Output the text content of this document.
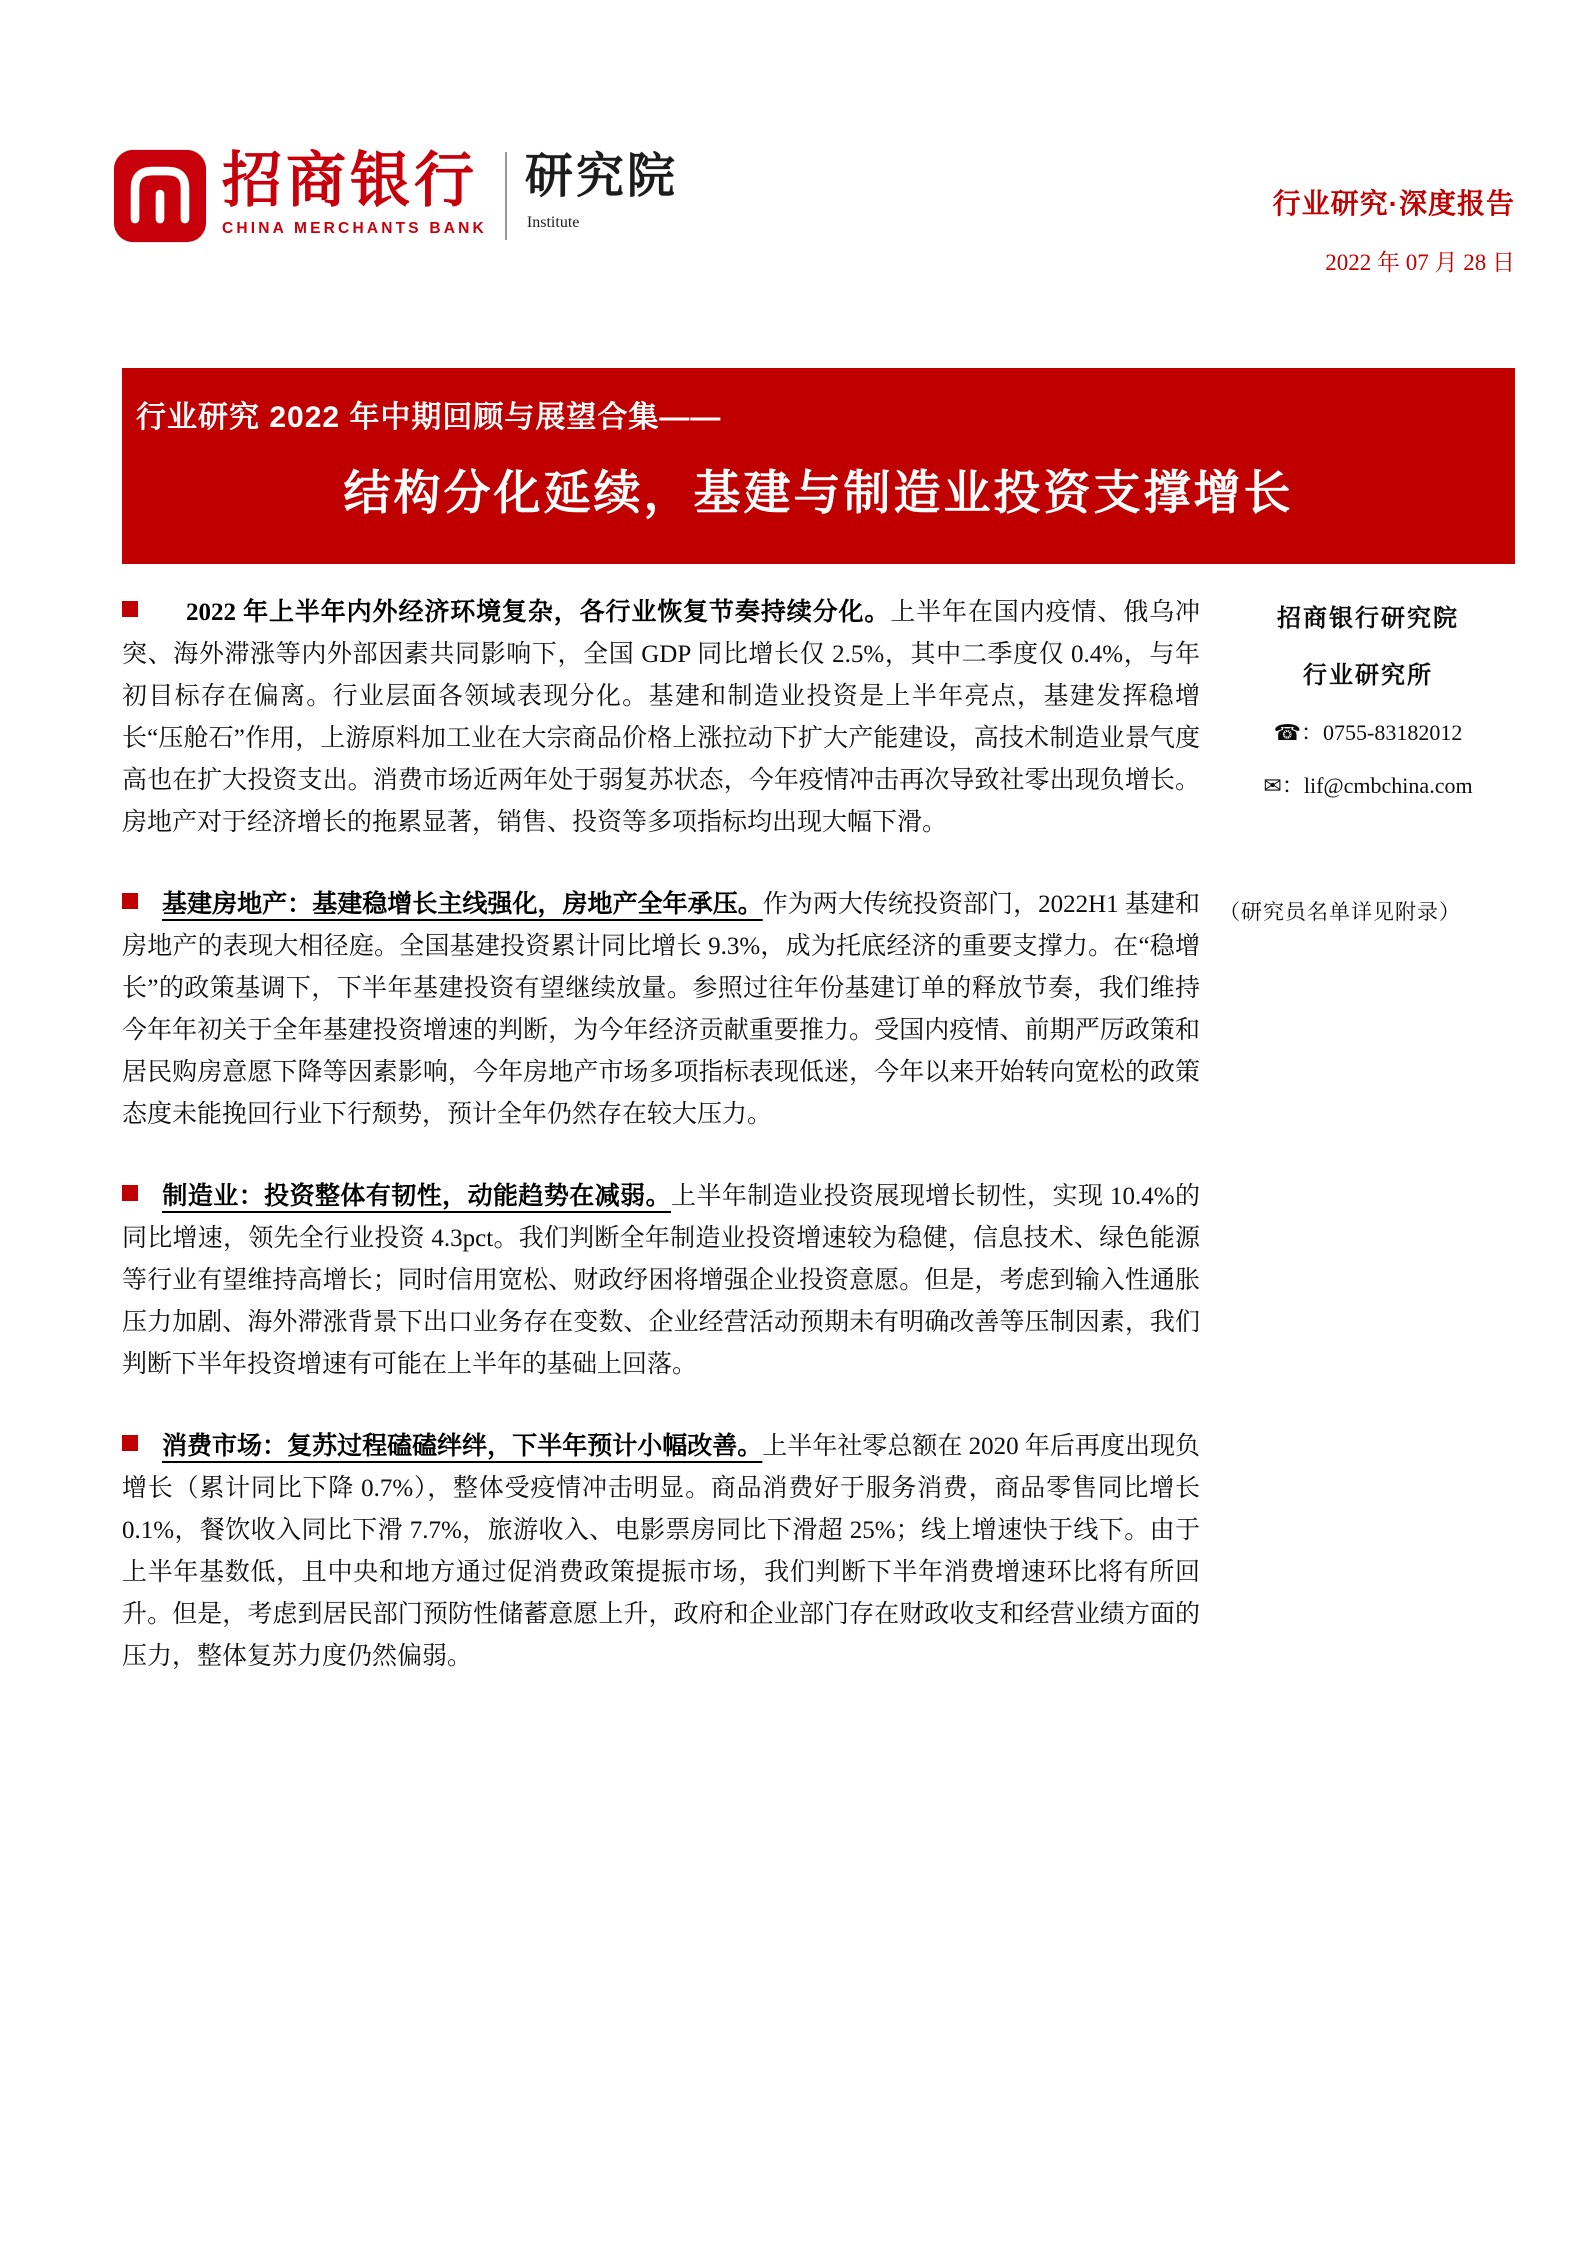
招商银行
CHINA MERCHANTS BANK
研究院
Institute
行业研究·深度报告
2022 年 07 月 28 日
行业研究 2022 年中期回顾与展望合集——
结构分化延续，基建与制造业投资支撑增长

2022 年上半年内外经济环境复杂，各行业恢复节奏持续分化。上半年在国内疫情、俄乌冲突、海外滞涨等内外部因素共同影响下，全国 GDP 同比增长仅 2.5%，其中二季度仅 0.4%，与年初目标存在偏离。行业层面各领域表现分化。基建和制造业投资是上半年亮点，基建发挥稳增长“压舱石”作用，上游原料加工业在大宗商品价格上涨拉动下扩大产能建设，高技术制造业景气度高也在扩大投资支出。消费市场近两年处于弱复苏状态，今年疫情冲击再次导致社零出现负增长。房地产对于经济增长的拖累显著，销售、投资等多项指标均出现大幅下滑。

基建房地产：基建稳增长主线强化，房地产全年承压。作为两大传统投资部门，2022H1 基建和房地产的表现大相径庭。全国基建投资累计同比增长 9.3%，成为托底经济的重要支撑力。在“稳增长”的政策基调下，下半年基建投资有望继续放量。参照过往年份基建订单的释放节奏，我们维持今年年初关于全年基建投资增速的判断，为今年经济贡献重要推力。受国内疫情、前期严厉政策和居民购房意愿下降等因素影响，今年房地产市场多项指标表现低迷，今年以来开始转向宽松的政策态度未能挽回行业下行颓势，预计全年仍然存在较大压力。

制造业：投资整体有韧性，动能趋势在减弱。上半年制造业投资展现增长韧性，实现 10.4%的同比增速，领先全行业投资 4.3pct。我们判断全年制造业投资增速较为稳健，信息技术、绿色能源等行业有望维持高增长；同时信用宽松、财政纾困将增强企业投资意愿。但是，考虑到输入性通胀压力加剧、海外滞涨背景下出口业务存在变数、企业经营活动预期未有明确改善等压制因素，我们判断下半年投资增速有可能在上半年的基础上回落。

消费市场：复苏过程磕磕绊绊，下半年预计小幅改善。上半年社零总额在 2020 年后再度出现负增长（累计同比下降 0.7%），整体受疫情冲击明显。商品消费好于服务消费，商品零售同比增长 0.1%，餐饮收入同比下滑 7.7%，旅游收入、电影票房同比下滑超 25%；线上增速快于线下。由于上半年基数低，且中央和地方通过促消费政策提振市场，我们判断下半年消费增速环比将有所回升。但是，考虑到居民部门预防性储蓄意愿上升，政府和企业部门存在财政收支和经营业绩方面的压力，整体复苏力度仍然偏弱。

招商银行研究院
行业研究所
☎：0755-83182012
✉：lif@cmbchina.com
（研究员名单详见附录）
